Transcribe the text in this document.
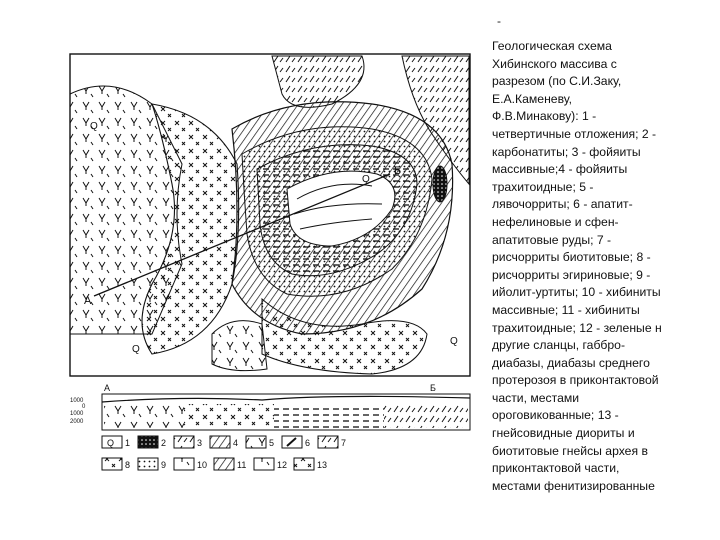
-
А
Б
Q
Q
Q
Q
А	Б
1000
0
1000
2000
Q 1	2	3	4	5	6	7
8	9	10	11	12	13
Геологическая схема
Хибинского массива с
разрезом (по С.И.Заку,
Е.А.Каменеву,
Ф.В.Минакову): 1 -
четвертичные отложения; 2 -
карбонатиты; 3 - фойяиты
массивные;4 - фойяиты
трахитоидные; 5 -
лявочорриты; 6 - апатит-
нефелиновые и сфен-
апатитовые руды; 7 -
рисчорриты биотитовые; 8 -
рисчорриты эгириновые; 9 -
ийолит-уртиты; 10 - хибиниты
массивные; 11 - хибиниты
трахитоидные; 12 - зеленые н
другие сланцы, габбро-
диабазы, диабазы среднего
протерозоя в приконтактовой
части, местами
ороговикованные; 13 -
гнейсовидные диориты и
биотитовые гнейсы архея в
приконтактовой части,
местами фенитизированные
